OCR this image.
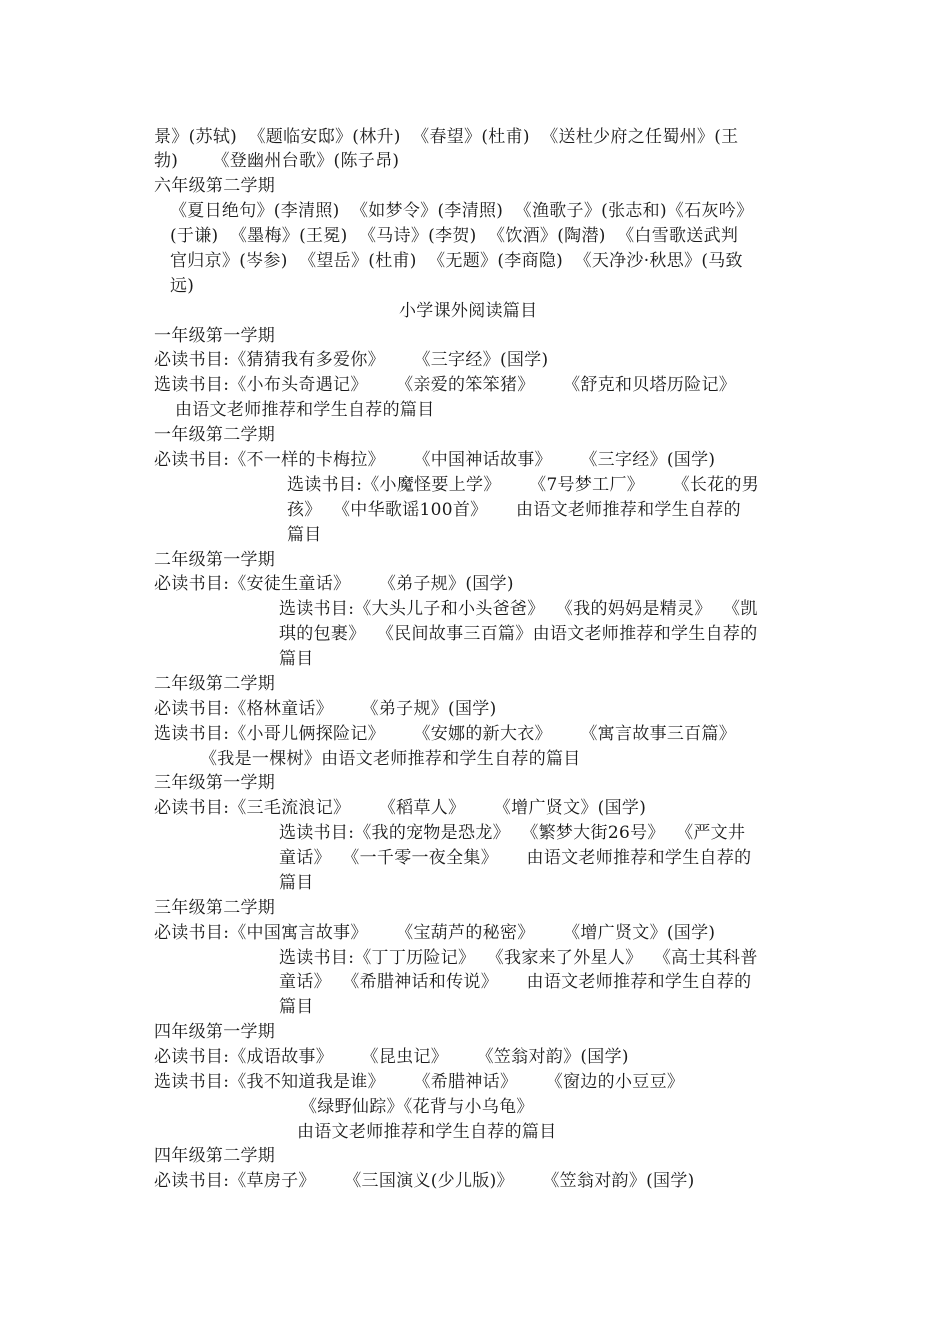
景》(苏轼)  《题临安邸》(林升)  《春望》(杜甫)  《送杜少府之任蜀州》(王
勃)      《登幽州台歌》(陈子昂)
六年级第二学期
《夏日绝句》(李清照)  《如梦令》(李清照)  《渔歌子》(张志和)《石灰吟》
(于谦)  《墨梅》(王冕)  《马诗》(李贺)  《饮酒》(陶潜)  《白雪歌送武判
官归京》(岑参)  《望岳》(杜甫)  《无题》(李商隐)  《天净沙·秋思》(马致
远)
小学课外阅读篇目
一年级第一学期
必读书目:《猜猜我有多爱你》     《三字经》(国学)
选读书目:《小布头奇遇记》     《亲爱的笨笨猪》     《舒克和贝塔历险记》
由语文老师推荐和学生自荐的篇目
一年级第二学期
必读书目:《不一样的卡梅拉》     《中国神话故事》     《三字经》(国学)
选读书目:《小魔怪要上学》     《7号梦工厂》     《长花的男
孩》  《中华歌谣100首》     由语文老师推荐和学生自荐的
篇目
二年级第一学期
必读书目:《安徒生童话》     《弟子规》(国学)
选读书目:《大头儿子和小头爸爸》  《我的妈妈是精灵》  《凯
琪的包裹》  《民间故事三百篇》由语文老师推荐和学生自荐的
篇目
二年级第二学期
必读书目:《格林童话》     《弟子规》(国学)
选读书目:《小哥儿俩探险记》     《安娜的新大衣》     《寓言故事三百篇》
《我是一棵树》由语文老师推荐和学生自荐的篇目
三年级第一学期
必读书目:《三毛流浪记》     《稻草人》     《增广贤文》(国学)
选读书目:《我的宠物是恐龙》  《繁梦大街26号》  《严文井
童话》  《一千零一夜全集》     由语文老师推荐和学生自荐的
篇目
三年级第二学期
必读书目:《中国寓言故事》     《宝葫芦的秘密》     《增广贤文》(国学)
选读书目:《丁丁历险记》  《我家来了外星人》  《高士其科普
童话》  《希腊神话和传说》     由语文老师推荐和学生自荐的
篇目
四年级第一学期
必读书目:《成语故事》     《昆虫记》     《笠翁对韵》(国学)
选读书目:《我不知道我是谁》     《希腊神话》     《窗边的小豆豆》
《绿野仙踪》《花背与小乌龟》
由语文老师推荐和学生自荐的篇目
四年级第二学期
必读书目:《草房子》     《三国演义(少儿版)》     《笠翁对韵》(国学)
